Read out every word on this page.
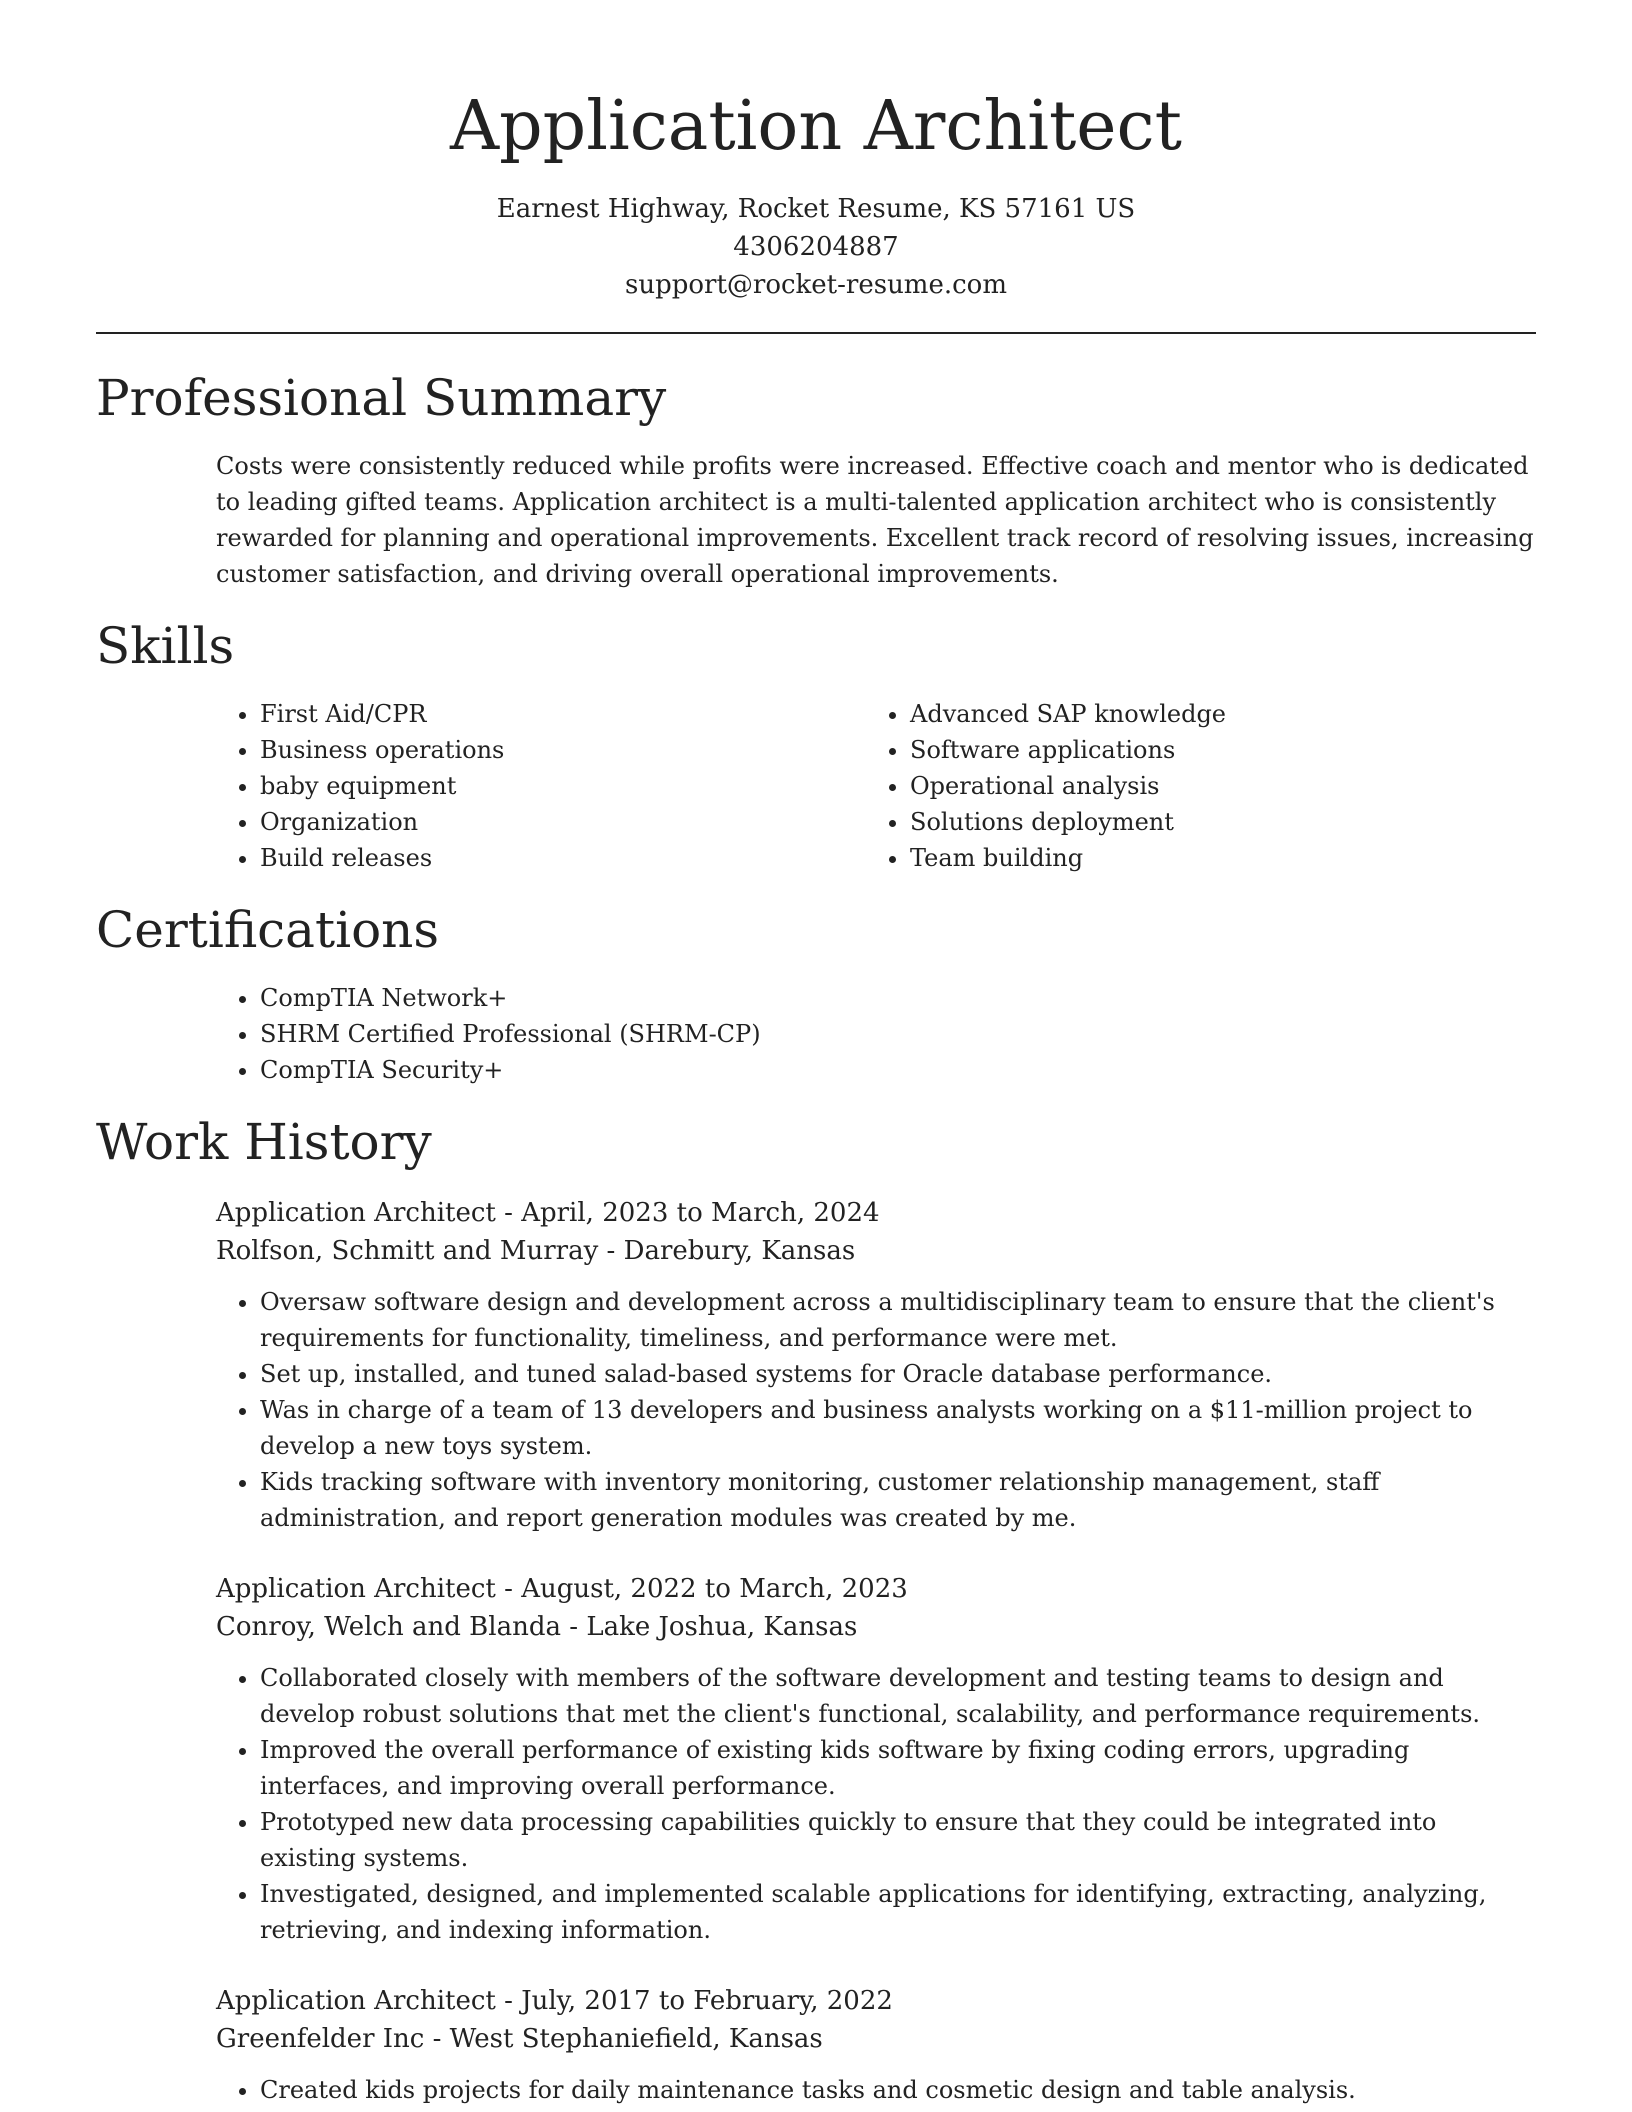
Application Architect

Earnest Highway, Rocket Resume, KS 57161 US

4306204887

support@rocket-resume.com

Professional Summary

Costs were consistently reduced while profits were increased. Effective coach and mentor who is dedicated to leading gifted teams. Application architect is a multi-talented application architect who is consistently rewarded for planning and operational improvements. Excellent track record of resolving issues, increasing customer satisfaction, and driving overall operational improvements.

Skills
• First Aid/CPR
• Business operations
• baby equipment
• Organization
• Build releases
• Advanced SAP knowledge
• Software applications
• Operational analysis
• Solutions deployment
• Team building
Certifications
• CompTIA Network+
• SHRM Certified Professional (SHRM-CP)
• CompTIA Security+
Work History
Application Architect - April, 2023 to March, 2024
Rolfson, Schmitt and Murray - Darebury, Kansas
• Oversaw software design and development across a multidisciplinary team to ensure that the client's requirements for functionality, timeliness, and performance were met.
• Set up, installed, and tuned salad-based systems for Oracle database performance.
• Was in charge of a team of 13 developers and business analysts working on a $11-million project to develop a new toys system.
• Kids tracking software with inventory monitoring, customer relationship management, staff administration, and report generation modules was created by me.
Application Architect - August, 2022 to March, 2023
Conroy, Welch and Blanda - Lake Joshua, Kansas
• Collaborated closely with members of the software development and testing teams to design and develop robust solutions that met the client's functional, scalability, and performance requirements.
• Improved the overall performance of existing kids software by fixing coding errors, upgrading interfaces, and improving overall performance.
• Prototyped new data processing capabilities quickly to ensure that they could be integrated into existing systems.
• Investigated, designed, and implemented scalable applications for identifying, extracting, analyzing, retrieving, and indexing information.
Application Architect - July, 2017 to February, 2022
Greenfelder Inc - West Stephaniefield, Kansas
• Created kids projects for daily maintenance tasks and cosmetic design and table analysis.
